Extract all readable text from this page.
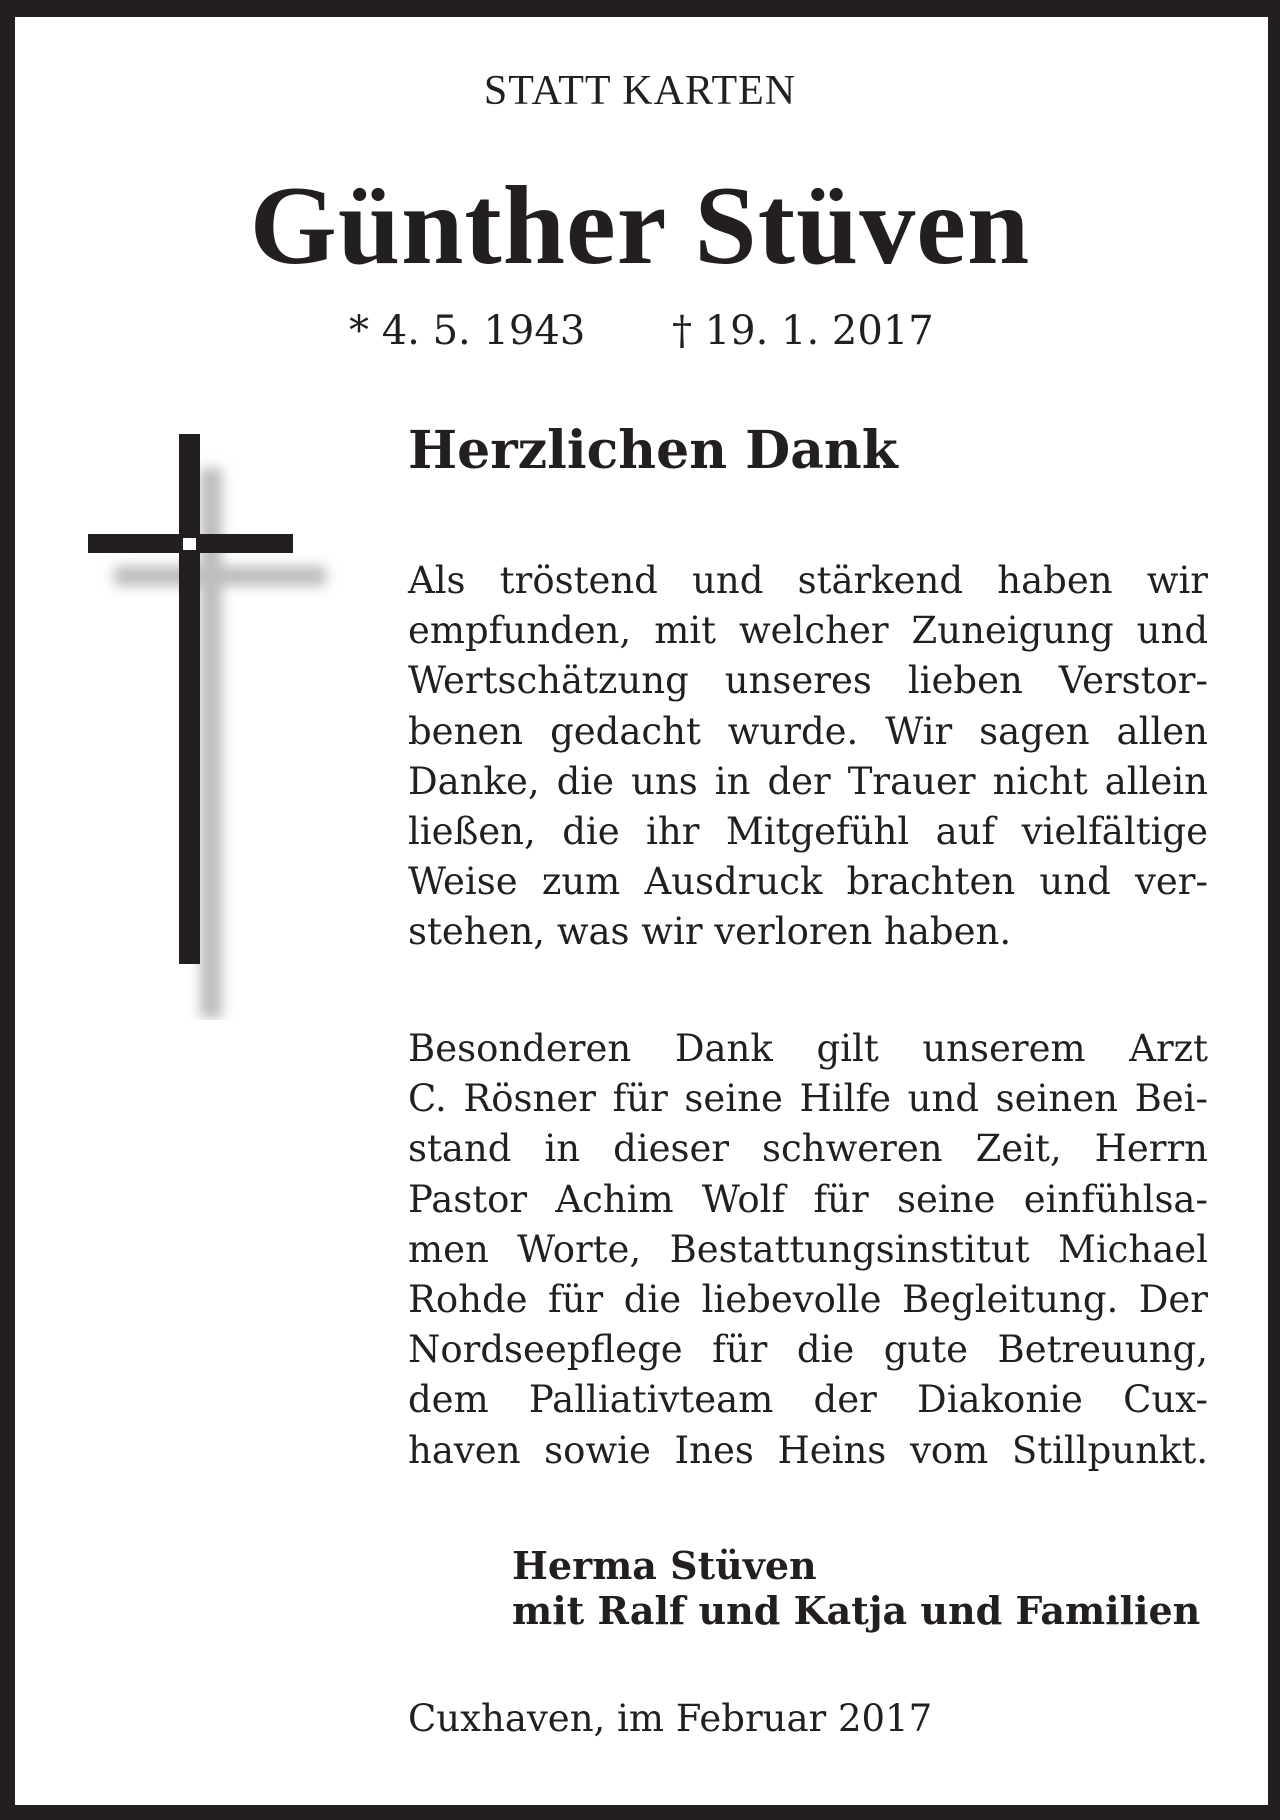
STATT KARTEN
Günther Stüven
* 4. 5. 1943 † 19. 1. 2017
Herzlichen Dank
Als tröstend und stärkend haben wir
empfunden, mit welcher Zuneigung und
Wertschätzung unseres lieben Verstor-
benen gedacht wurde. Wir sagen allen
Danke, die uns in der Trauer nicht allein
ließen, die ihr Mitgefühl auf vielfältige
Weise zum Ausdruck brachten und ver-
stehen, was wir verloren haben.
Besonderen Dank gilt unserem Arzt
C. Rösner für seine Hilfe und seinen Bei-
stand in dieser schweren Zeit, Herrn
Pastor Achim Wolf für seine einfühlsa-
men Worte, Bestattungsinstitut Michael
Rohde für die liebevolle Begleitung. Der
Nordseepflege für die gute Betreuung,
dem Palliativteam der Diakonie Cux-
haven sowie Ines Heins vom Stillpunkt.
Herma Stüven
mit Ralf und Katja und Familien
Cuxhaven, im Februar 2017
